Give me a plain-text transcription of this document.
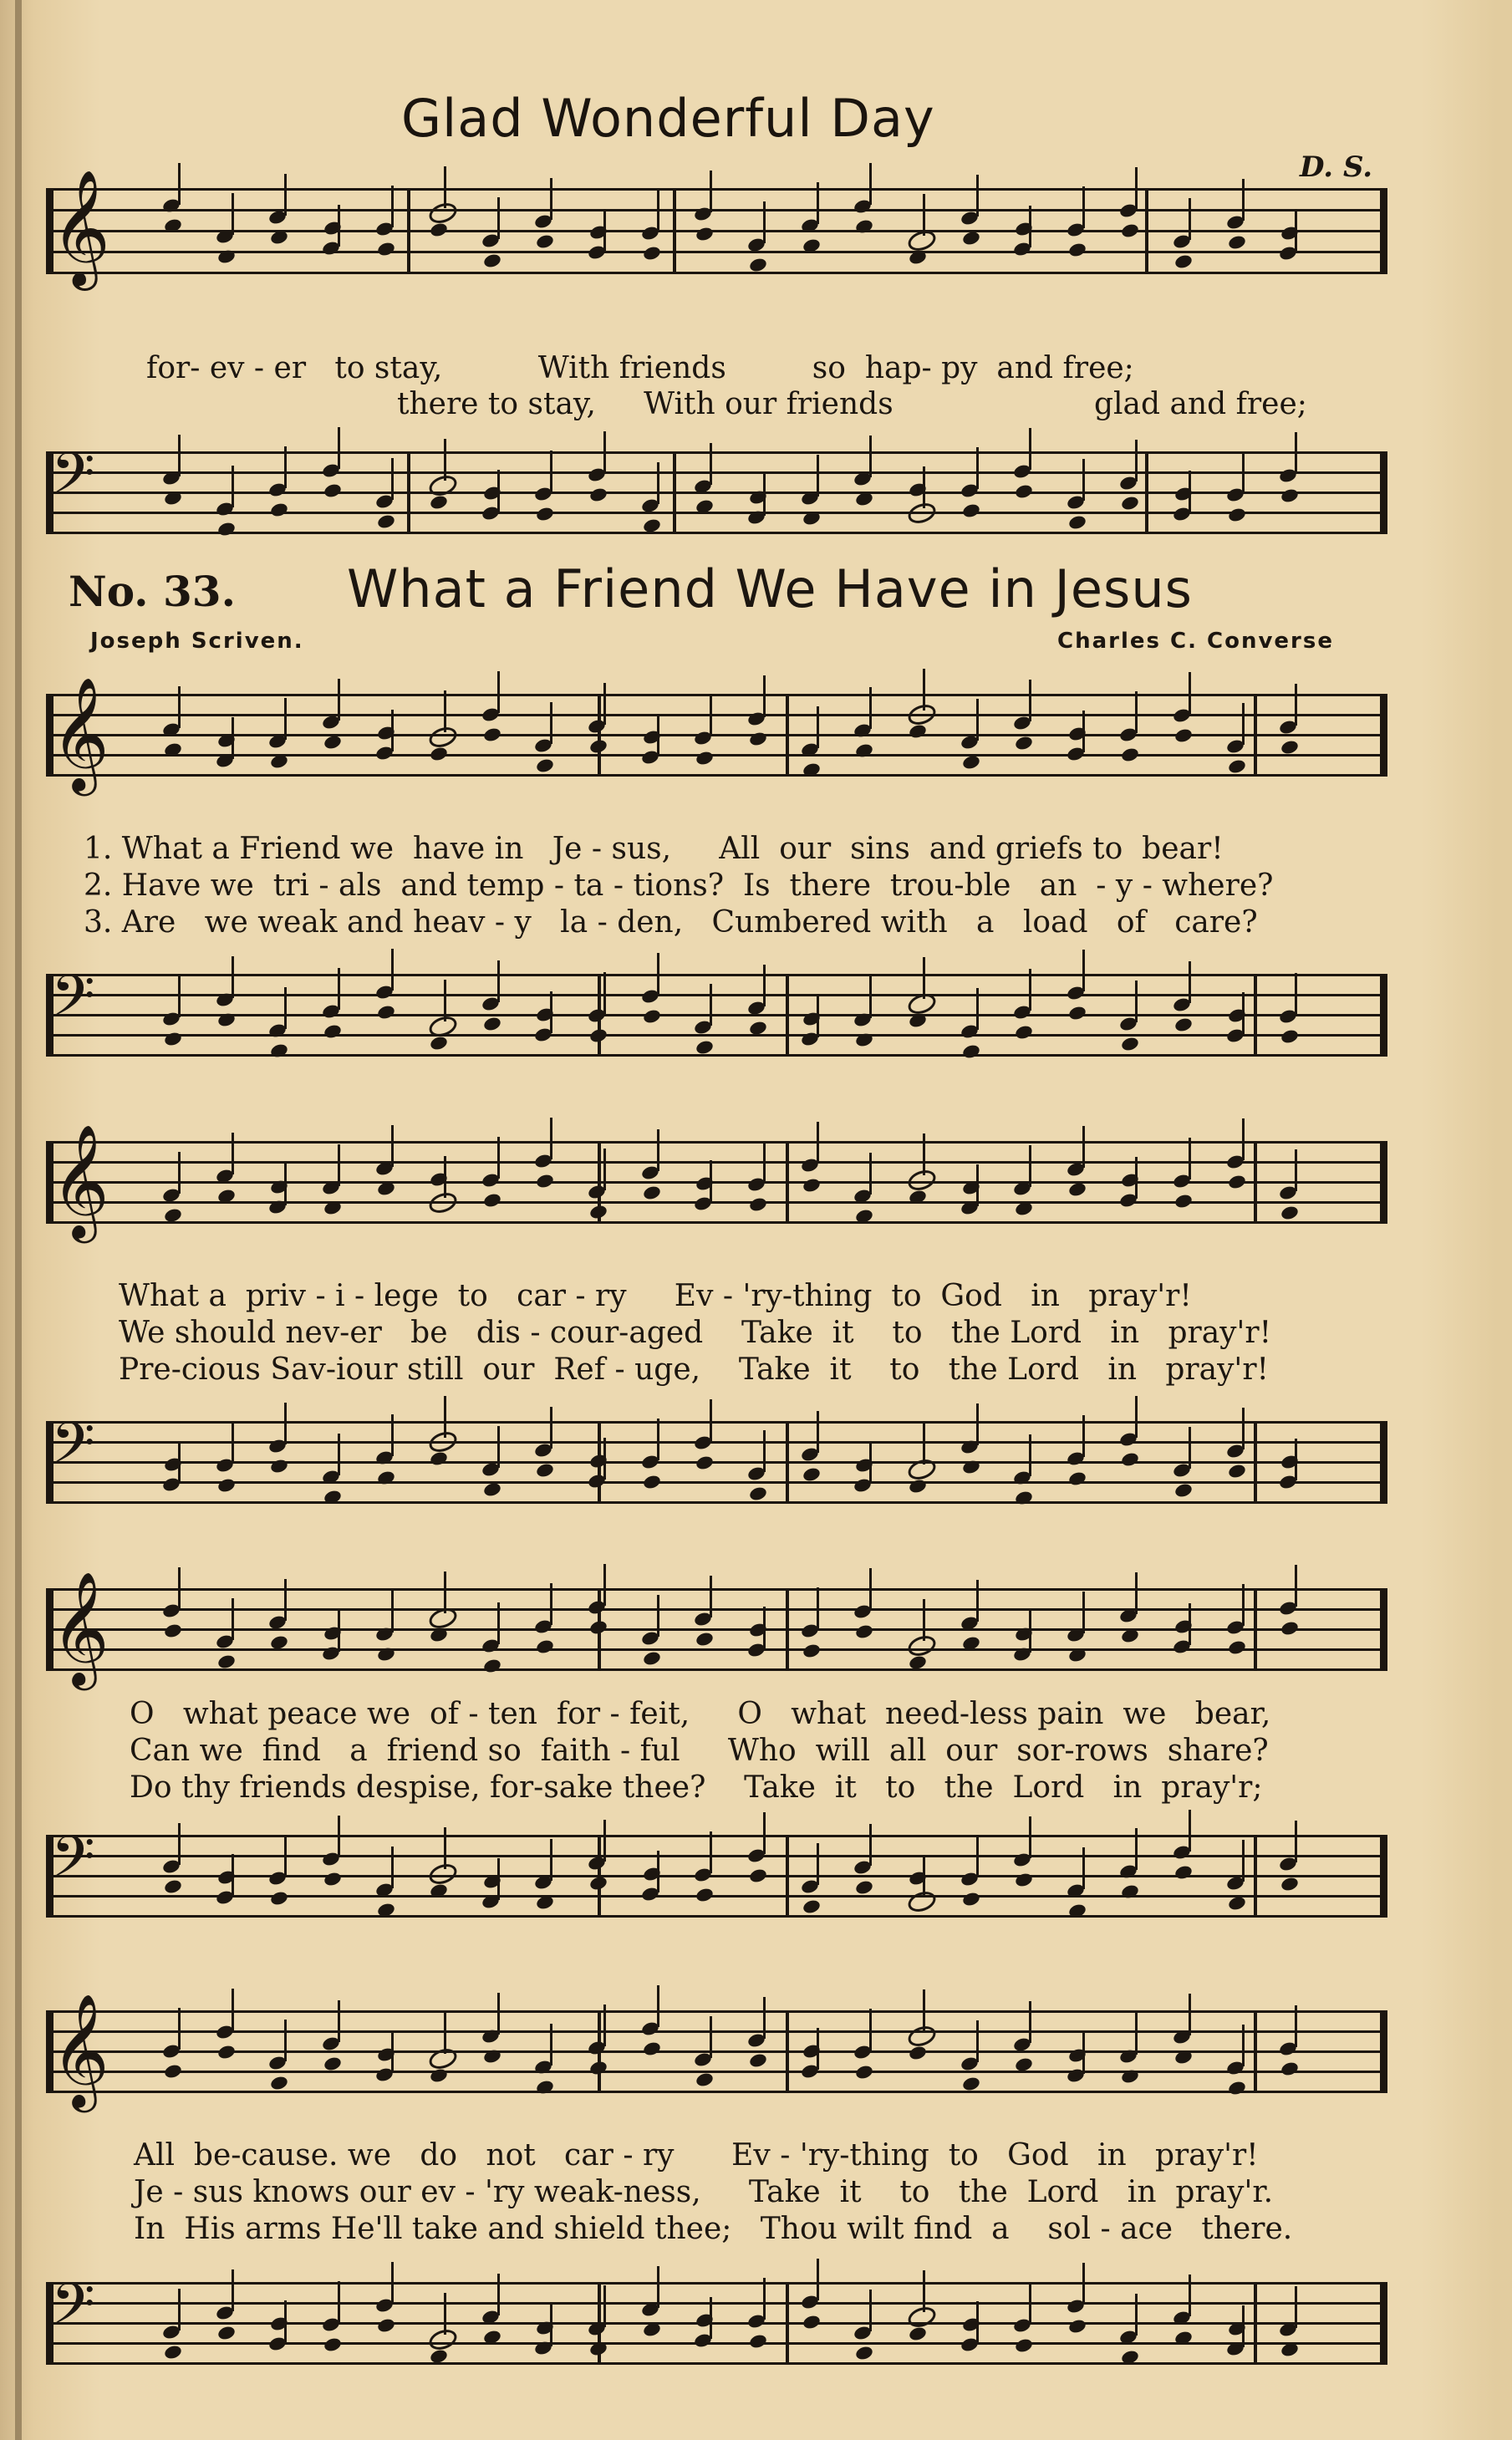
Glad Wonderful Day
D. S.
𝄞
for- ev - er   to stay,          With friends         so  hap- py  and free;
there to stay,     With our friends                     glad and free;
𝄢
No. 33. What a Friend We Have in Jesus
Joseph Scriven.	Charles C. Converse
𝄞
1. What a Friend we  have in   Je - sus,     All  our  sins  and griefs to  bear!
2. Have we  tri - als  and temp - ta - tions?  Is  there  trou-ble   an  - y - where?
3. Are   we weak and heav - y   la - den,   Cumbered with   a   load   of   care?
𝄢
𝄞
What a  priv - i - lege  to   car - ry     Ev - 'ry-thing  to  God   in   pray'r!
We should nev-er   be   dis - cour-aged    Take  it    to   the Lord   in   pray'r!
Pre-cious Sav-iour still  our  Ref - uge,    Take  it    to   the Lord   in   pray'r!
𝄢
𝄞
O   what peace we  of - ten  for - feit,     O   what  need-less pain  we   bear,
Can we  find   a  friend so  faith - ful     Who  will  all  our  sor-rows  share?
Do thy friends despise, for-sake thee?    Take  it   to   the  Lord   in  pray'r;
𝄢
𝄞
All  be-cause. we   do   not   car - ry      Ev - 'ry-thing  to   God   in   pray'r!
Je - sus knows our ev - 'ry weak-ness,     Take  it    to   the  Lord   in  pray'r.
In  His arms He'll take and shield thee;   Thou wilt find  a    sol - ace   there.
𝄢
